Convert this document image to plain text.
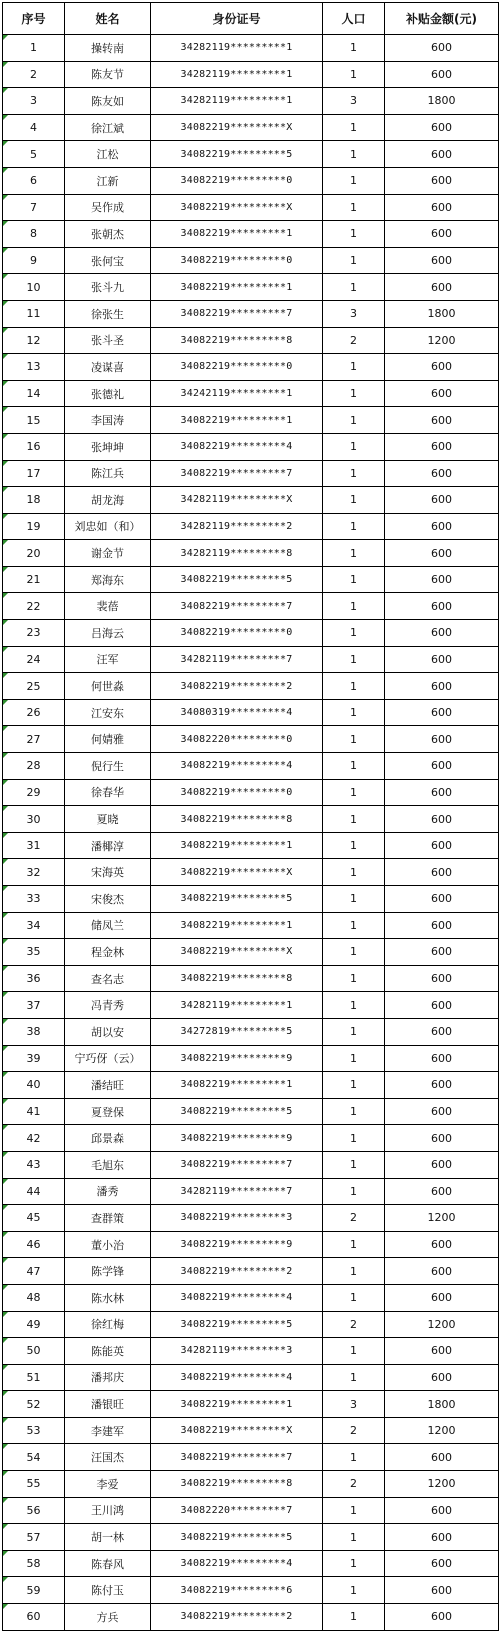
序号	姓名	身份证号	人口	补贴金额(元)
1	操转南	34282119*********1	1	600
2	陈友节	34282119*********1	1	600
3	陈友如	34282119*********1	3	1800
4	徐江斌	34082219*********X	1	600
5	江松	34082219*********5	1	600
6	江新	34082219*********0	1	600
7	吴作成	34082219*********X	1	600
8	张朝杰	34082219*********1	1	600
9	张何宝	34082219*********0	1	600
10	张斗九	34082219*********1	1	600
11	徐张生	34082219*********7	3	1800
12	张斗圣	34082219*********8	2	1200
13	凌谋喜	34082219*********0	1	600
14	张德礼	34242119*********1	1	600
15	李国涛	34082219*********1	1	600
16	张坤坤	34082219*********4	1	600
17	陈江兵	34082219*********7	1	600
18	胡龙海	34282119*********X	1	600
19	刘忠如（和）	34282119*********2	1	600
20	谢金节	34282119*********8	1	600
21	郑海东	34082219*********5	1	600
22	裴蓓	34082219*********7	1	600
23	吕海云	34082219*********0	1	600
24	汪军	34282119*********7	1	600
25	何世淼	34082219*********2	1	600
26	江安东	34080319*********4	1	600
27	何婧雅	34082220*********0	1	600
28	倪行生	34082219*********4	1	600
29	徐春华	34082219*********0	1	600
30	夏晓	34082219*********8	1	600
31	潘椰淳	34082219*********1	1	600
32	宋海英	34082219*********X	1	600
33	宋俊杰	34082219*********5	1	600
34	储凤兰	34082219*********1	1	600
35	程金林	34082219*********X	1	600
36	查名志	34082219*********8	1	600
37	冯青秀	34282119*********1	1	600
38	胡以安	34272819*********5	1	600
39	宁巧伢（云）	34082219*********9	1	600
40	潘结旺	34082219*********1	1	600
41	夏登保	34082219*********5	1	600
42	邱景森	34082219*********9	1	600
43	毛旭东	34082219*********7	1	600
44	潘秀	34282119*********7	1	600
45	查群策	34082219*********3	2	1200
46	董小治	34082219*********9	1	600
47	陈学锋	34082219*********2	1	600
48	陈水林	34082219*********4	1	600
49	徐红梅	34082219*********5	2	1200
50	陈能英	34282119*********3	1	600
51	潘邦庆	34082219*********4	1	600
52	潘银旺	34082219*********1	3	1800
53	李建军	34082219*********X	2	1200
54	汪国杰	34082219*********7	1	600
55	李爱	34082219*********8	2	1200
56	王川鸿	34082220*********7	1	600
57	胡一林	34082219*********5	1	600
58	陈春风	34082219*********4	1	600
59	陈付玉	34082219*********6	1	600
60	方兵	34082219*********2	1	600
